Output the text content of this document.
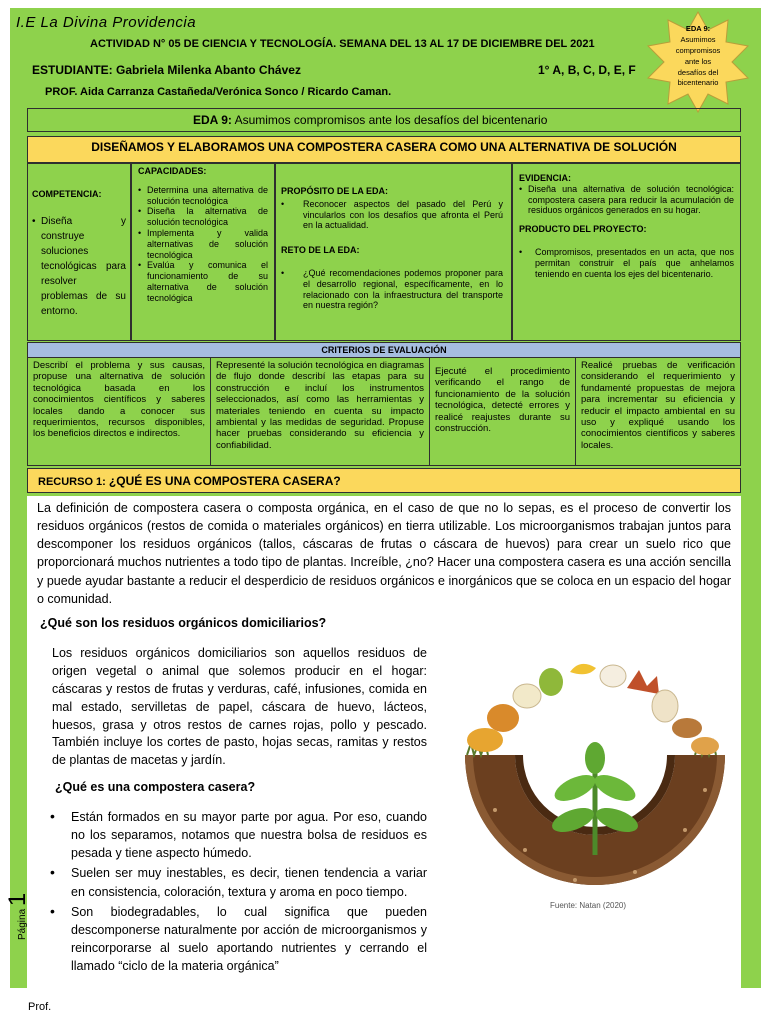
I.E La Divina Providencia
ACTIVIDAD N° 05 DE CIENCIA Y TECNOLOGÍA. SEMANA DEL 13 AL 17 DE DICIEMBRE DEL 2021
ESTUDIANTE: Gabriela Milenka Abanto Chávez	1° A, B, C, D, E, F
PROF. Aida Carranza Castañeda/Verónica Sonco / Ricardo Caman.
EDA 9:
Asumimos compromisos ante los desafíos del bicentenario
EDA 9: Asumimos compromisos ante los desafíos del bicentenario
DISEÑAMOS Y ELABORAMOS UNA COMPOSTERA CASERA COMO UNA ALTERNATIVA DE SOLUCIÓN
COMPETENCIA:
• Diseña y construye soluciones tecnológicas para resolver problemas de su entorno.
CAPACIDADES:
• Determina una alternativa de solución tecnológica
• Diseña la alternativa de solución tecnológica
• Implementa y valida alternativas de solución tecnológica
• Evalúa y comunica el funcionamiento de su alternativa de solución tecnológica
PROPÓSITO DE LA EDA:
• Reconocer aspectos del pasado del Perú y vincularlos con los desafíos que afronta el Perú en la actualidad.
RETO DE LA EDA:
• ¿Qué recomendaciones podemos proponer para el desarrollo regional, específicamente, en lo relacionado con la infraestructura del transporte en nuestra región?
EVIDENCIA:
• Diseña una alternativa de solución tecnológica: compostera casera para reducir la acumulación de residuos orgánicos generados en su hogar.
PRODUCTO DEL PROYECTO:
• Compromisos, presentados en un acta, que nos permitan construir el país que anhelamos teniendo en cuenta los ejes del bicentenario.
CRITERIOS DE EVALUACIÓN
Describí el problema y sus causas, propuse una alternativa de solución tecnológica basada en los conocimientos científicos y saberes locales dando a conocer sus requerimientos, recursos disponibles, los beneficios directos e indirectos.
Representé la solución tecnológica en diagramas de flujo donde describí las etapas para su construcción e incluí los instrumentos seleccionados, así como las herramientas y materiales teniendo en cuenta su impacto ambiental y las medidas de seguridad. Propuse hacer pruebas considerando su eficiencia y confiabilidad.
Ejecuté el procedimiento verificando el rango de funcionamiento de la solución tecnológica, detecté errores y realicé reajustes durante su construcción.
Realicé pruebas de verificación considerando el requerimiento y fundamenté propuestas de mejora para incrementar su eficiencia y reducir el impacto ambiental en su uso y expliqué usando los conocimientos científicos y saberes locales.
RECURSO 1: ¿QUÉ ES UNA COMPOSTERA CASERA?
La definición de compostera casera o composta orgánica, en el caso de que no lo sepas, es el proceso de convertir los residuos orgánicos (restos de comida o materiales orgánicos) en tierra utilizable. Los microorganismos trabajan juntos para descomponer los residuos orgánicos (tallos, cáscaras de frutas o cáscara de huevos) para crear un suelo rico que proporcionará muchos nutrientes a todo tipo de plantas. Increíble, ¿no? Hacer una compostera casera es una acción sencilla y puede ayudar bastante a reducir el desperdicio de residuos orgánicos e inorgánicos que se coloca en un espacio del hogar o comunidad.
¿Qué son los residuos orgánicos domiciliarios?
Los residuos orgánicos domiciliarios son aquellos residuos de origen vegetal o animal que solemos producir en el hogar: cáscaras y restos de frutas y verduras, café, infusiones, comida en mal estado, servilletas de papel, cáscara de huevo, lácteos, huesos, grasa y otros restos de carnes rojas, pollo y pescado. También incluye los cortes de pasto, hojas secas, ramitas y restos de plantas de macetas y jardín.
¿Qué es una compostera casera?
• Están formados en su mayor parte por agua. Por eso, cuando no los separamos, notamos que nuestra bolsa de residuos es pesada y tiene aspecto húmedo.
• Suelen ser muy inestables, es decir, tienen tendencia a variar en consistencia, coloración, textura y aroma en poco tiempo.
• Son biodegradables, lo cual significa que pueden descomponerse naturalmente por acción de microorganismos y reincorporarse al suelo aportando nutrientes y cerrando el llamado “ciclo de la materia orgánica”
Fuente: Natan (2020)
Página 1
Prof.
